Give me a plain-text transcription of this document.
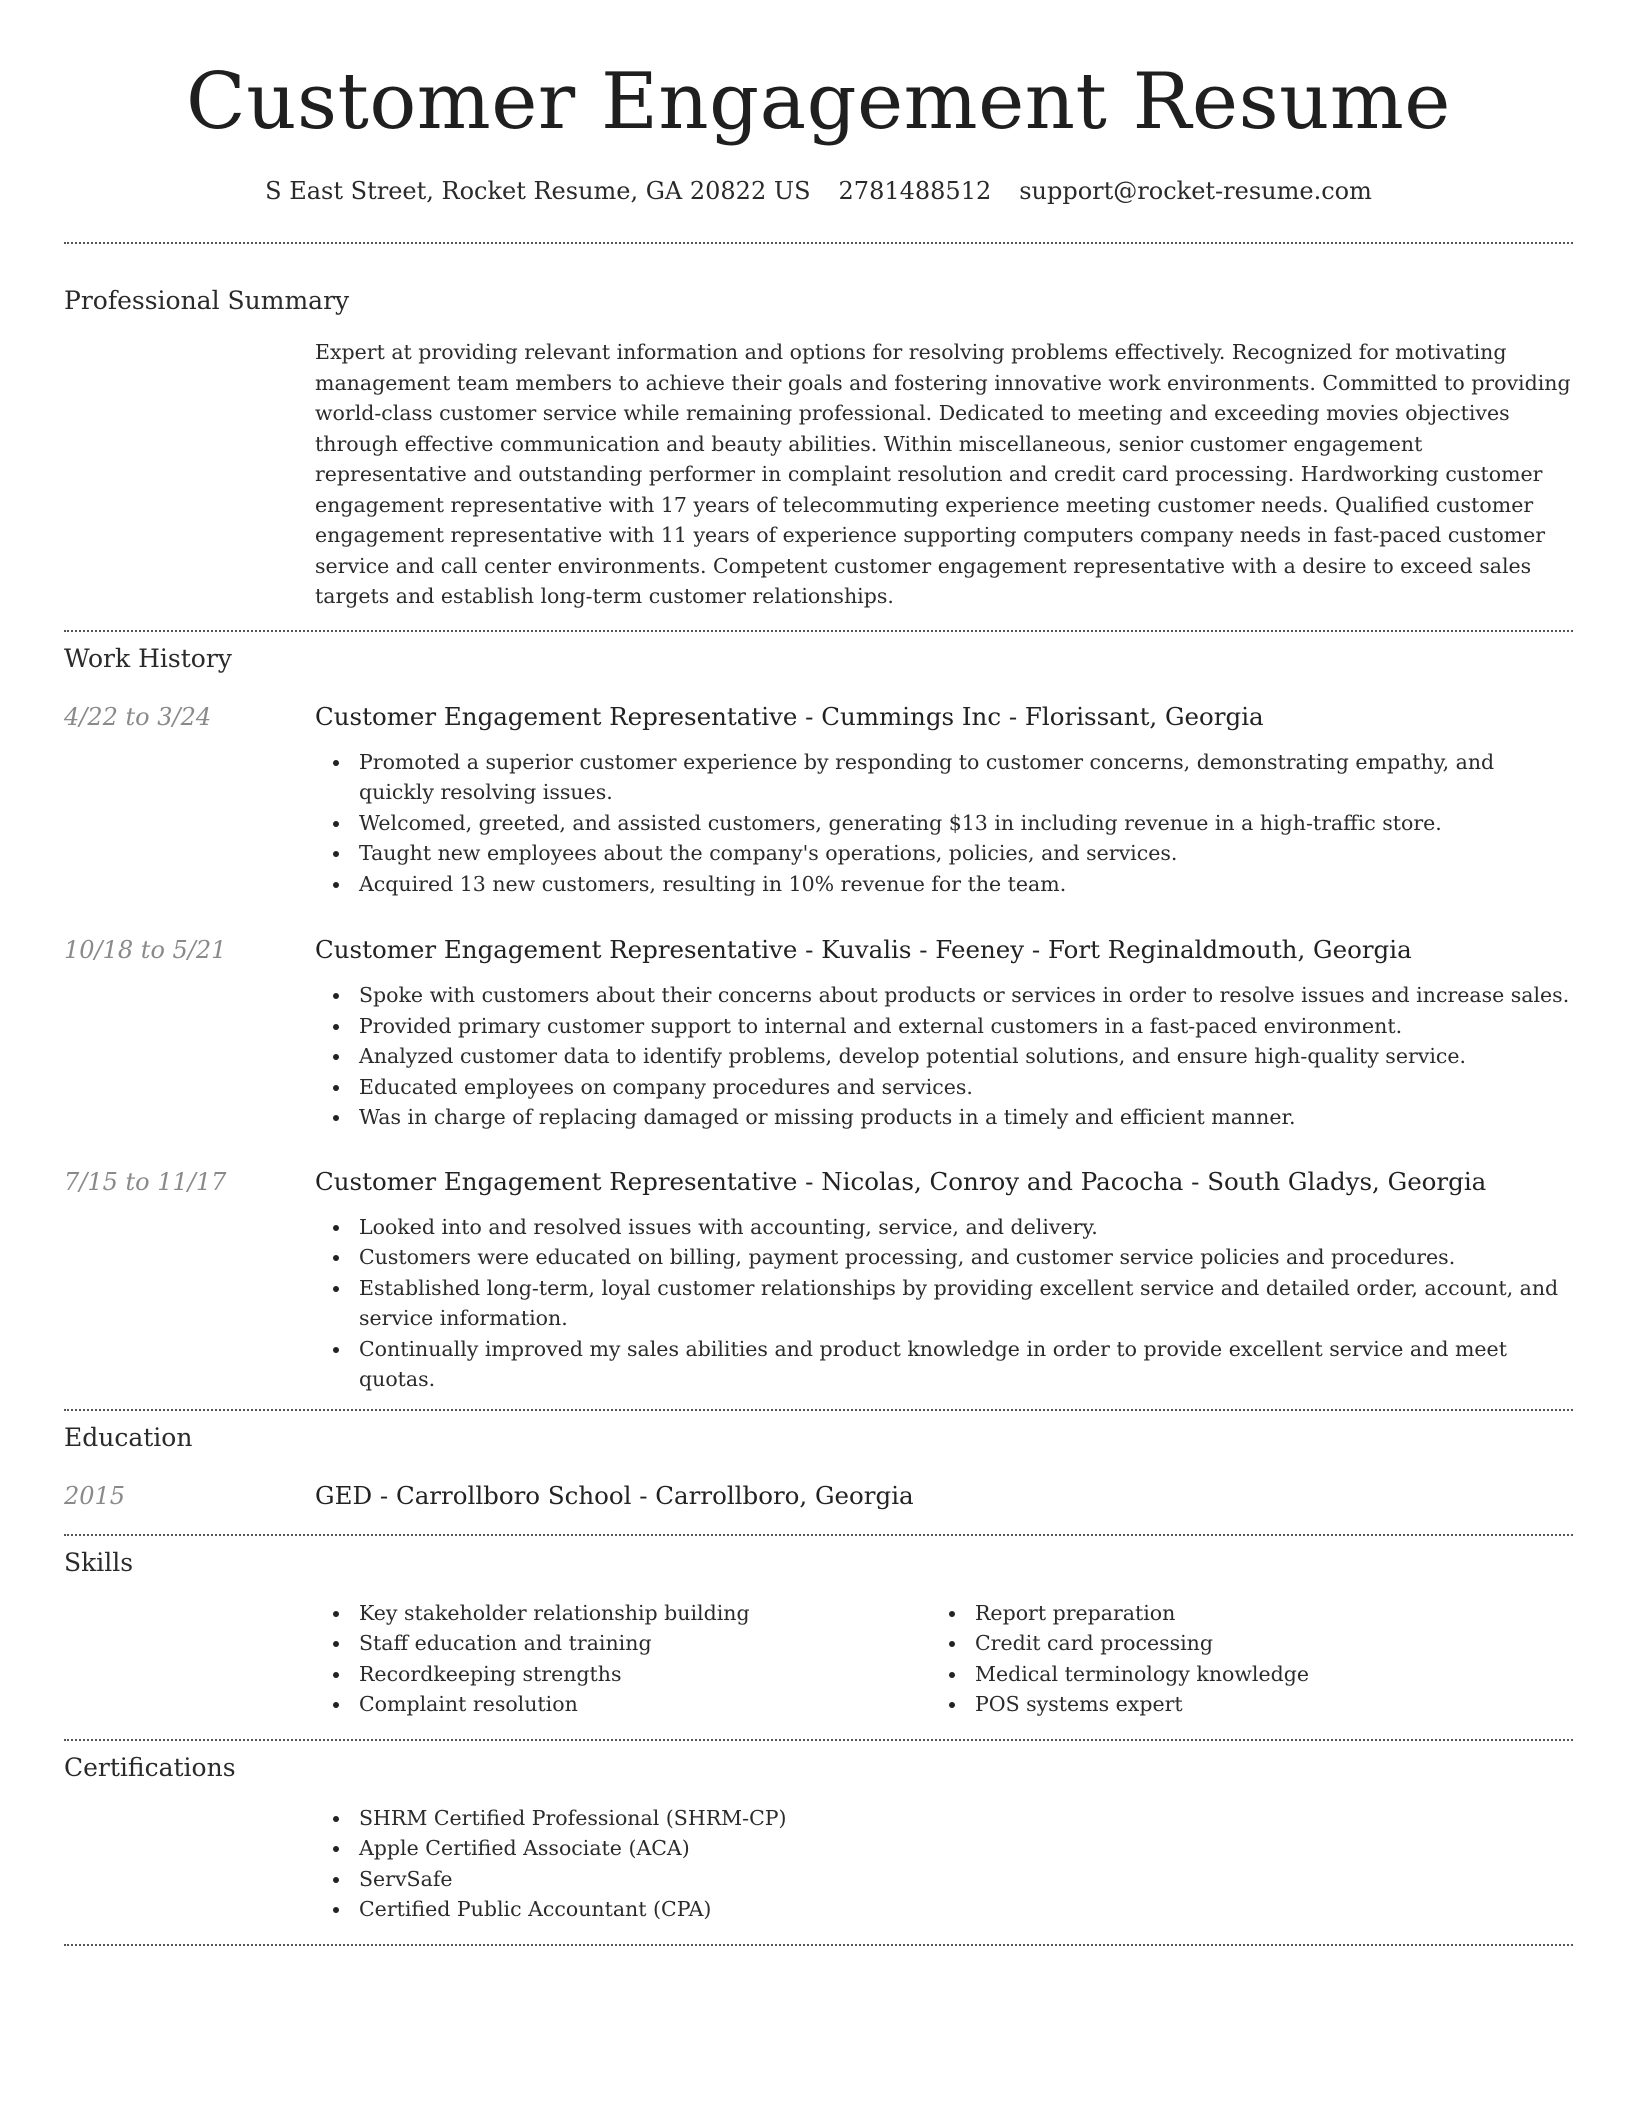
Customer Engagement Resume
S East Street, Rocket Resume, GA 20822 US 2781488512 support@rocket-resume.com
Professional Summary

Expert at providing relevant information and options for resolving problems effectively. Recognized for motivating management team members to achieve their goals and fostering innovative work environments. Committed to providing world-class customer service while remaining professional. Dedicated to meeting and exceeding movies objectives through effective communication and beauty abilities. Within miscellaneous, senior customer engagement representative and outstanding performer in complaint resolution and credit card processing. Hardworking customer engagement representative with 17 years of telecommuting experience meeting customer needs. Qualified customer engagement representative with 11 years of experience supporting computers company needs in fast-paced customer service and call center environments. Competent customer engagement representative with a desire to exceed sales targets and establish long-term customer relationships.

Work History
4/22 to 3/24	Customer Engagement Representative - Cummings Inc - Florissant, Georgia
Promoted a superior customer experience by responding to customer concerns, demonstrating empathy, and quickly resolving issues.
Welcomed, greeted, and assisted customers, generating $13 in including revenue in a high-traffic store.
Taught new employees about the company's operations, policies, and services.
Acquired 13 new customers, resulting in 10% revenue for the team.
10/18 to 5/21	Customer Engagement Representative - Kuvalis - Feeney - Fort Reginaldmouth, Georgia
Spoke with customers about their concerns about products or services in order to resolve issues and increase sales.
Provided primary customer support to internal and external customers in a fast-paced environment.
Analyzed customer data to identify problems, develop potential solutions, and ensure high-quality service.
Educated employees on company procedures and services.
Was in charge of replacing damaged or missing products in a timely and efficient manner.
7/15 to 11/17	Customer Engagement Representative - Nicolas, Conroy and Pacocha - South Gladys, Georgia
Looked into and resolved issues with accounting, service, and delivery.
Customers were educated on billing, payment processing, and customer service policies and procedures.
Established long-term, loyal customer relationships by providing excellent service and detailed order, account, and service information.
Continually improved my sales abilities and product knowledge in order to provide excellent service and meet quotas.
Education
2015	GED - Carrollboro School - Carrollboro, Georgia
Skills
Key stakeholder relationship building
Staff education and training
Recordkeeping strengths
Complaint resolution
Report preparation
Credit card processing
Medical terminology knowledge
POS systems expert
Certifications
SHRM Certified Professional (SHRM-CP)
Apple Certified Associate (ACA)
ServSafe
Certified Public Accountant (CPA)
